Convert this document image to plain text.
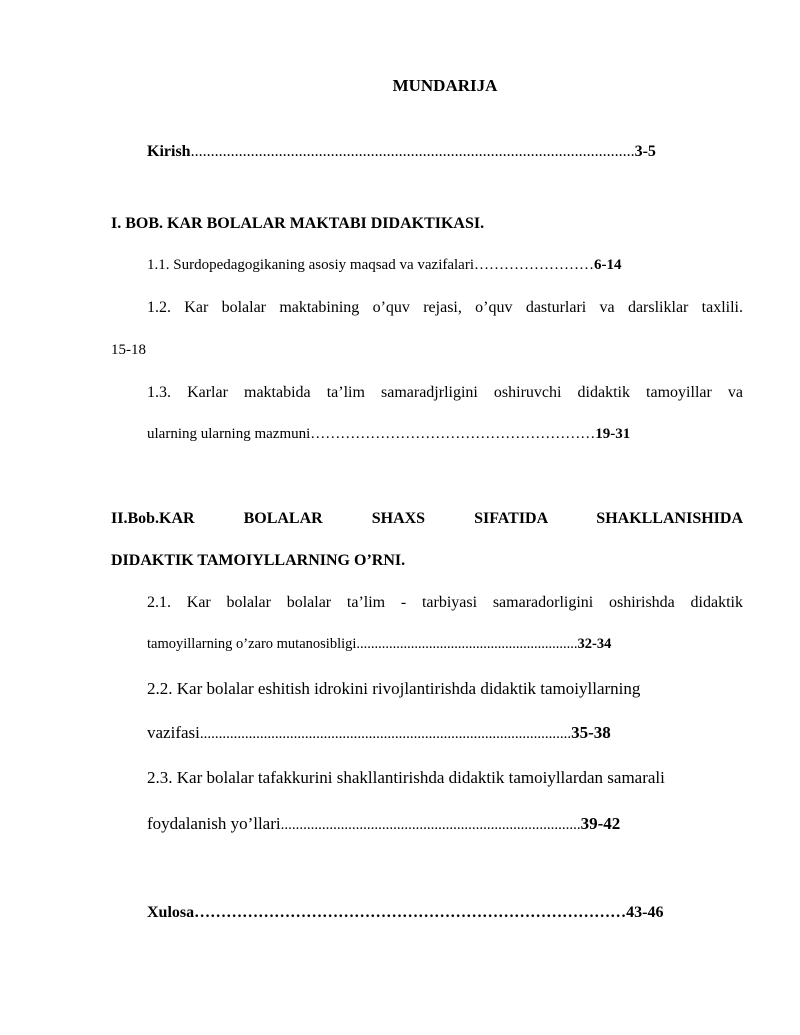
MUNDARIJA
Kirish...............................................................................................................3-5
I. BOB. KAR BOLALAR MAKTABI DIDAKTIKASI.
1.1. Surdopedagogikaning asosiy maqsad va vazifalari……………………6-14
1.2. Kar bolalar maktabining o’quv rejasi, o’quv dasturlari va darsliklar taxlili.
15-18
1.3. Karlar maktabida ta’lim samaradjrligini oshiruvchi didaktik tamoyillar va
ularning ularning mazmuni…………………………………………………19-31
II.Bob.KAR BOLALAR SHAXS SIFATIDA SHAKLLANISHIDA
DIDAKTIK TAMOIYLLARNING O’RNI.
2.1. Kar bolalar bolalar ta’lim - tarbiyasi samaradorligini oshirishda didaktik
tamoyillarning o’zaro mutanosibligi.............................................................32-34
2.2. Kar bolalar eshitish idrokini rivojlantirishda didaktik tamoiyllarning
vazifasi...................................................................................................35-38
2.3. Kar bolalar tafakkurini shakllantirishda didaktik tamoiyllardan samarali
foydalanish yo’llari................................................................................39-42
Xulosa………………………………………………………………………43-46
